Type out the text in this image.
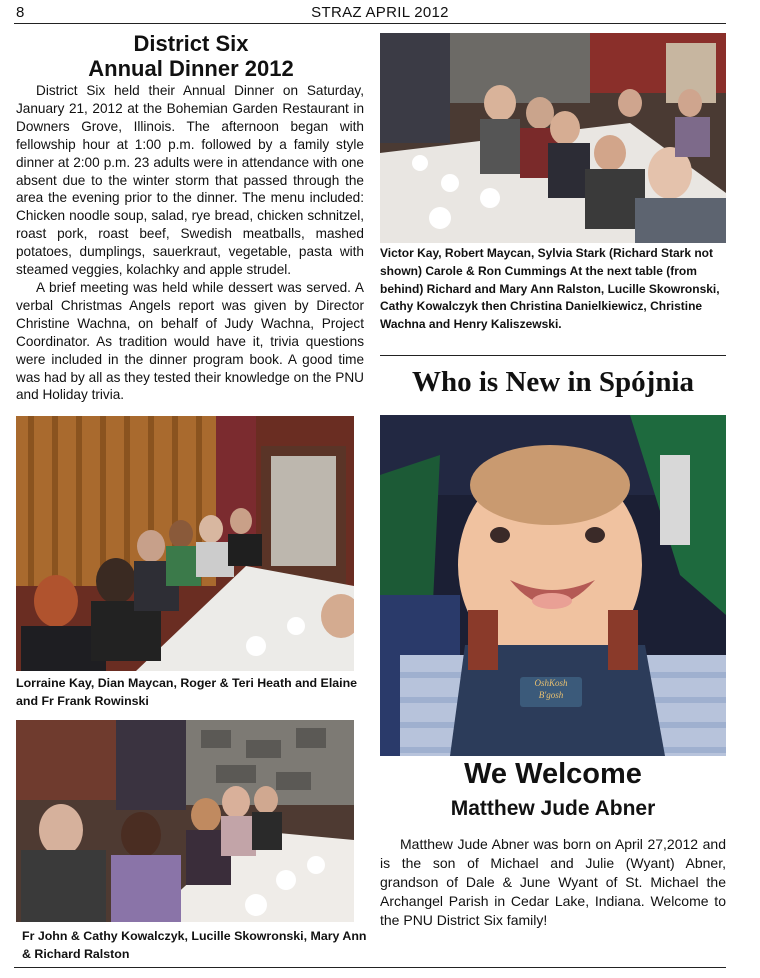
8	STRAZ APRIL 2012
District Six
Annual Dinner 2012

District Six held their Annual Dinner on Saturday, January 21, 2012 at the Bohemian Garden Restaurant in Downers Grove, Illinois. The afternoon began with fellowship hour at 1:00 p.m. followed by a family style dinner at 2:00 p.m. 23 adults were in attendance with one absent due to the winter storm that passed through the area the evening prior to the dinner. The menu included: Chicken noodle soup, salad, rye bread, chicken schnitzel, roast pork, roast beef, Swedish meatballs, mashed potatoes, dumplings, sauerkraut, vegetable, pasta with steamed veggies, kolachky and apple strudel.

A brief meeting was held while dessert was served. A verbal Christmas Angels report was given by Director Christine Wachna, on behalf of Judy Wachna, Project Coordinator. As tradition would have it, trivia questions were included in the dinner program book. A good time was had by all as they tested their knowledge on the PNU and Holiday trivia.

Victor Kay, Robert Maycan, Sylvia Stark (Richard Stark not shown) Carole & Ron Cummings At the next table (from behind) Richard and Mary Ann Ralston, Lucille Skowronski, Cathy Kowalczyk then Christina Danielkiewicz, Christine Wachna and Henry Kaliszewski.
Who is New in Spójnia
Lorraine Kay, Dian Maycan, Roger & Teri Heath and Elaine and Fr Frank Rowinski
Fr John & Cathy Kowalczyk, Lucille Skowronski, Mary Ann & Richard Ralston
OshKosh
B'gosh
We Welcome
Matthew Jude Abner

Matthew Jude Abner was born on April 27,2012 and is the son of Michael and Julie (Wyant) Abner, grandson of Dale & June Wyant of St. Michael the Archangel Parish in Cedar Lake, Indiana. Welcome to the PNU District Six family!
